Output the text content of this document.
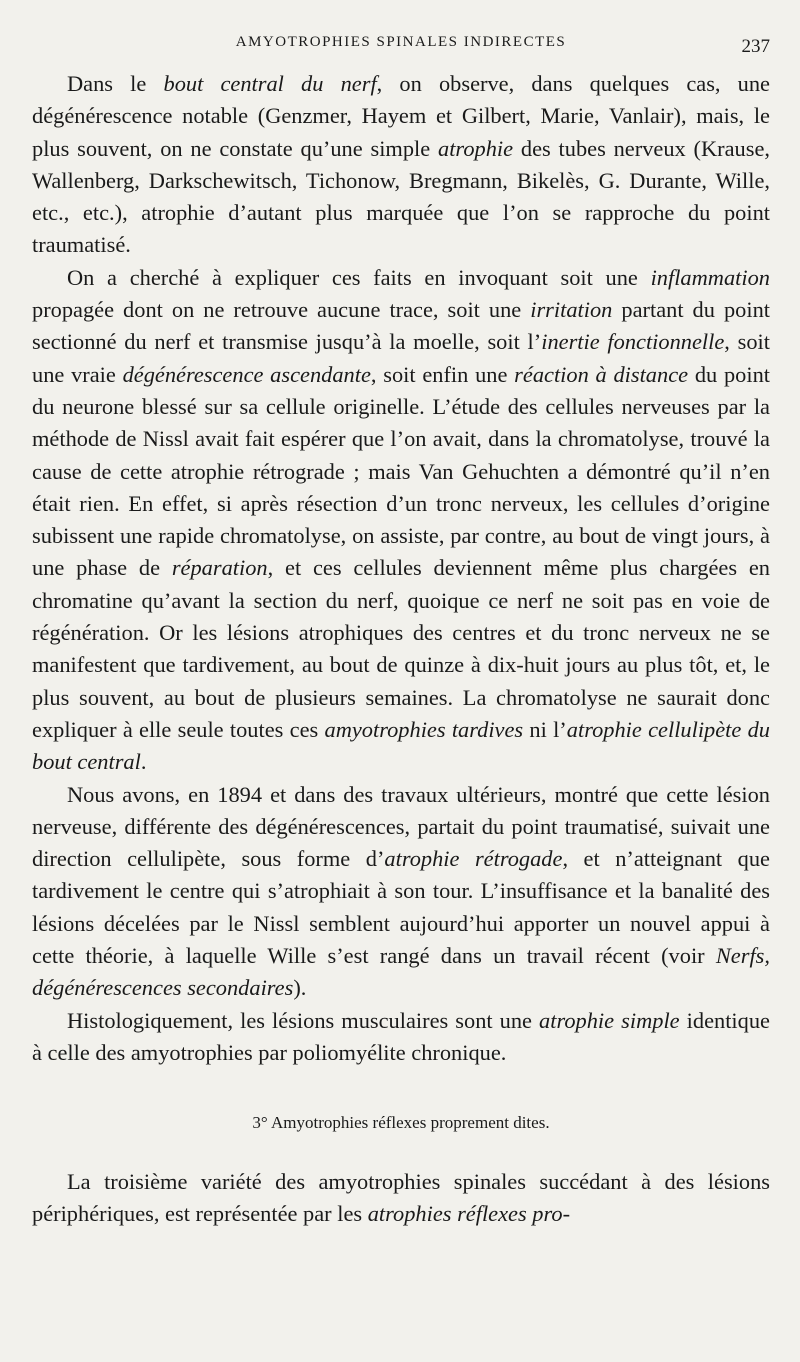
AMYOTROPHIES SPINALES INDIRECTES	237

Dans le bout central du nerf, on observe, dans quelques cas, une dégénérescence notable (Genzmer, Hayem et Gilbert, Marie, Vanlair), mais, le plus souvent, on ne constate qu’une simple atrophie des tubes nerveux (Krause, Wallenberg, Darkschewitsch, Tichonow, Bregmann, Bikelès, G. Durante, Wille, etc., etc.), atrophie d’autant plus marquée que l’on se rapproche du point traumatisé.

On a cherché à expliquer ces faits en invoquant soit une inflammation propagée dont on ne retrouve aucune trace, soit une irritation partant du point sectionné du nerf et transmise jusqu’à la moelle, soit l’inertie fonctionnelle, soit une vraie dégénérescence ascendante, soit enfin une réaction à distance du point du neurone blessé sur sa cellule originelle. L’étude des cellules nerveuses par la méthode de Nissl avait fait espérer que l’on avait, dans la chromatolyse, trouvé la cause de cette atrophie rétrograde ; mais Van Gehuchten a démontré qu’il n’en était rien. En effet, si après résection d’un tronc nerveux, les cellules d’origine subissent une rapide chromatolyse, on assiste, par contre, au bout de vingt jours, à une phase de réparation, et ces cellules deviennent même plus chargées en chromatine qu’avant la section du nerf, quoique ce nerf ne soit pas en voie de régénération. Or les lésions atrophiques des centres et du tronc nerveux ne se manifestent que tardivement, au bout de quinze à dix-huit jours au plus tôt, et, le plus souvent, au bout de plusieurs semaines. La chromatolyse ne saurait donc expliquer à elle seule toutes ces amyotrophies tardives ni l’atrophie cellulipète du bout central.

Nous avons, en 1894 et dans des travaux ultérieurs, montré que cette lésion nerveuse, différente des dégénérescences, partait du point traumatisé, suivait une direction cellulipète, sous forme d’atrophie rétrogade, et n’atteignant que tardivement le centre qui s’atrophiait à son tour. L’insuffisance et la banalité des lésions décelées par le Nissl semblent aujourd’hui apporter un nouvel appui à cette théorie, à laquelle Wille s’est rangé dans un travail récent (voir Nerfs, dégénérescences secondaires).

Histologiquement, les lésions musculaires sont une atrophie simple identique à celle des amyotrophies par poliomyélite chronique.

3° Amyotrophies réflexes proprement dites.

La troisième variété des amyotrophies spinales succédant à des lésions périphériques, est représentée par les atrophies réflexes pro-
